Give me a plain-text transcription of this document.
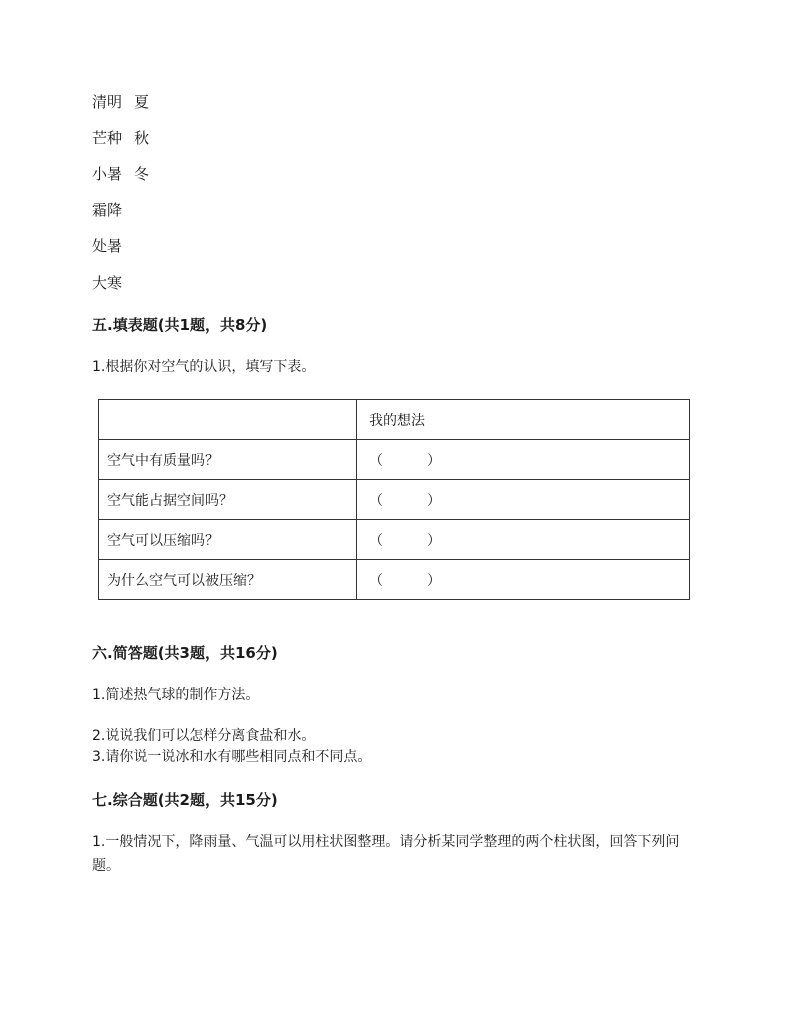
清明 夏
芒种 秋
小暑 冬
霜降
处暑
大寒
五.填表题(共1题，共8分)
1.根据你对空气的认识，填写下表。
	我的想法
空气中有质量吗？	（ ）
空气能占据空间吗？	（ ）
空气可以压缩吗？	（ ）
为什么空气可以被压缩？	（ ）
六.简答题(共3题，共16分)
1.简述热气球的制作方法。
2.说说我们可以怎样分离食盐和水。
3.请你说一说冰和水有哪些相同点和不同点。
七.综合题(共2题，共15分)
1.一般情况下，降雨量、气温可以用柱状图整理。请分析某同学整理的两个柱状图，回答下列问题。
